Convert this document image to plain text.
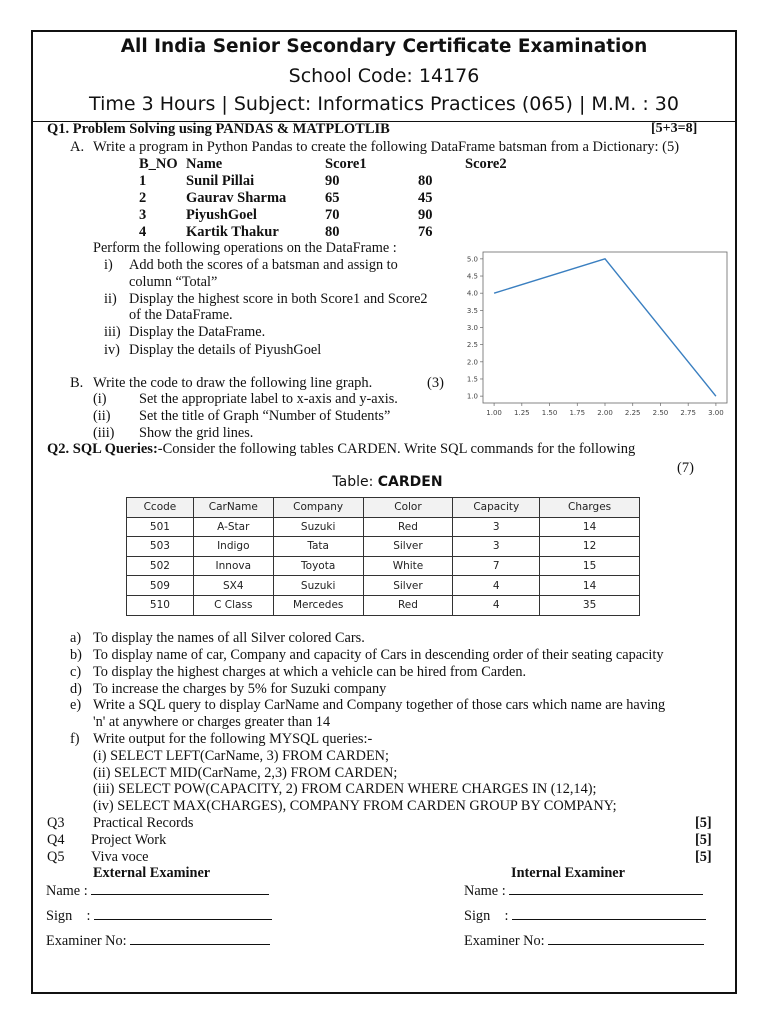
All India Senior Secondary Certificate Examination
School Code: 14176
Time 3 Hours | Subject: Informatics Practices (065) | M.M. : 30
Q1. Problem Solving using PANDAS & MATPLOTLIB	[5+3=8]
A. Write a program in Python Pandas to create the following DataFrame batsman from a Dictionary: (5)
B_NO Name	Score1	Score2
1	Sunil Pillai	90	80
2	Gaurav Sharma	65	45
3	PiyushGoel	70	90
4	Kartik Thakur	80	76
Perform the following operations on the DataFrame :
i) Add both the scores of a batsman and assign to
column “Total”
ii) Display the highest score in both Score1 and Score2
of the DataFrame.
iii) Display the DataFrame.
iv) Display the details of PiyushGoel
B. Write the code to draw the following line graph.	(3)
(i) Set the appropriate label to x-axis and y-axis.
(ii) Set the title of Graph “Number of Students”
(iii) Show the grid lines.
1.0
1.5
2.0
2.5
3.0
3.5
4.0
4.5
5.0
1.00 1.25 1.50 1.75 2.00 2.25 2.50 2.75 3.00
Q2. SQL Queries:-Consider the following tables CARDEN. Write SQL commands for the following
(7)
Table: CARDEN
Ccode	CarName	Company	Color	Capacity	Charges
501	A-Star	Suzuki	Red	3	14
503	Indigo	Tata	Silver	3	12
502	Innova	Toyota	White	7	15
509	SX4	Suzuki	Silver	4	14
510	C Class	Mercedes	Red	4	35
a) To display the names of all Silver colored Cars.
b) To display name of car, Company and capacity of Cars in descending order of their seating capacity
c) To display the highest charges at which a vehicle can be hired from Carden.
d) To increase the charges by 5% for Suzuki company
e) Write a SQL query to display CarName and Company together of those cars which name are having
'n' at anywhere or charges greater than 14
f) Write output for the following MYSQL queries:-
(i) SELECT LEFT(CarName, 3) FROM CARDEN;
(ii) SELECT MID(CarName, 2,3) FROM CARDEN;
(iii) SELECT POW(CAPACITY, 2) FROM CARDEN WHERE CHARGES IN (12,14);
(iv) SELECT MAX(CHARGES), COMPANY FROM CARDEN GROUP BY COMPANY;
Q3 Practical Records	[5]
Q4 Project Work	[5]
Q5 Viva voce	[5]
External Examiner	Internal Examiner
Name :	Name :
Sign    :	Sign    :
Examiner No:	Examiner No:
